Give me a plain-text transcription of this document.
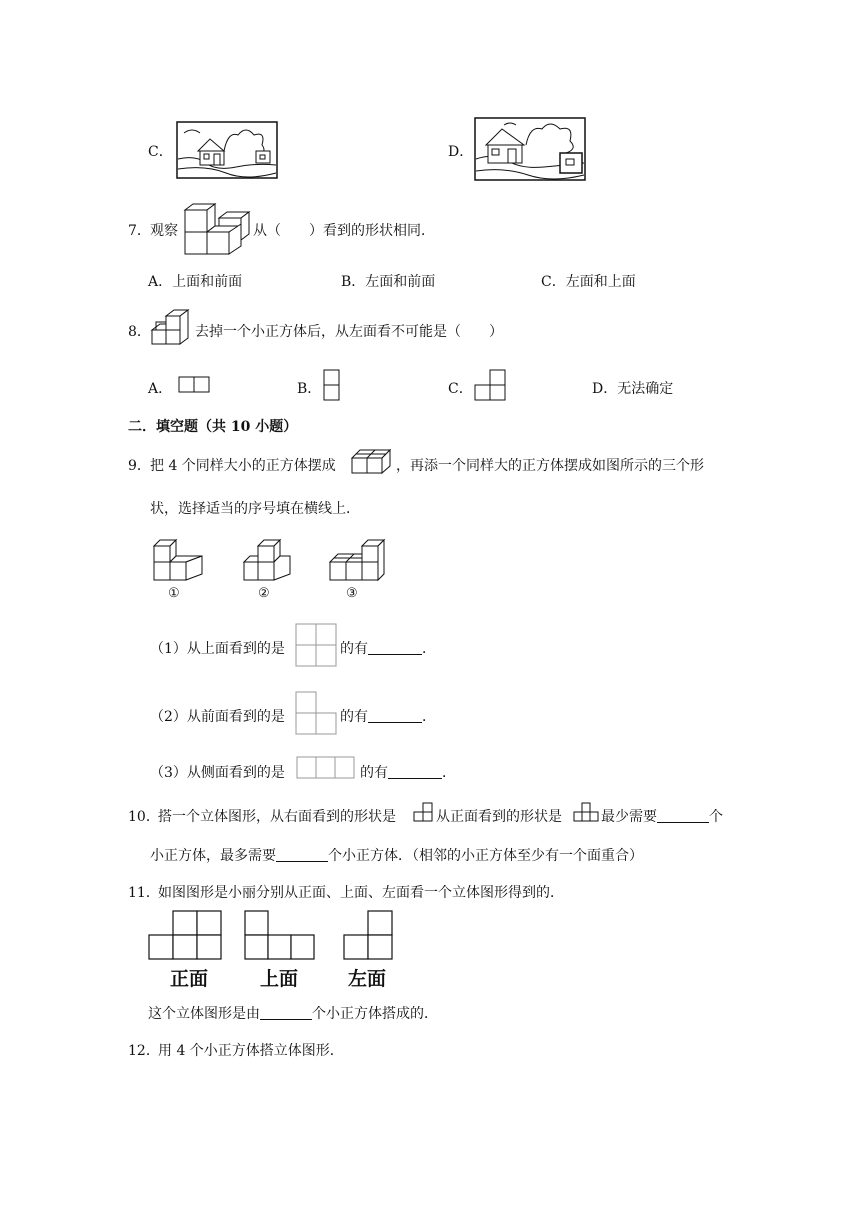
C．	D．
7． 观察	从（　　）看到的形状相同．
A．上面和前面	B．左面和前面	C．左面和上面
8．	去掉一个小正方体后，从左面看不可能是（　　）
A．	B．	C．	D．无法确定
二．填空题（共 10 小题）
9． 把 4 个同样大小的正方体摆成	，再添一个同样大的正方体摆成如图所示的三个形
状，选择适当的序号填在横线上．
①	②	③
（1）从上面看到的是	的有	．
（2）从前面看到的是	的有	．
（3）从侧面看到的是	的有	．
10．
搭一个立体图形，从右面看到的形状是	从正面看到的形状是	最少需要	个
小正方体，最多需要	个小正方体．（相邻的小正方体至少有一个面重合）
11．
如图图形是小丽分别从正面、上面、左面看一个立体图形得到的．
正面	上面	左面
这个立体图形是由	个小正方体搭成的．
12．
用 4 个小正方体搭立体图形．
